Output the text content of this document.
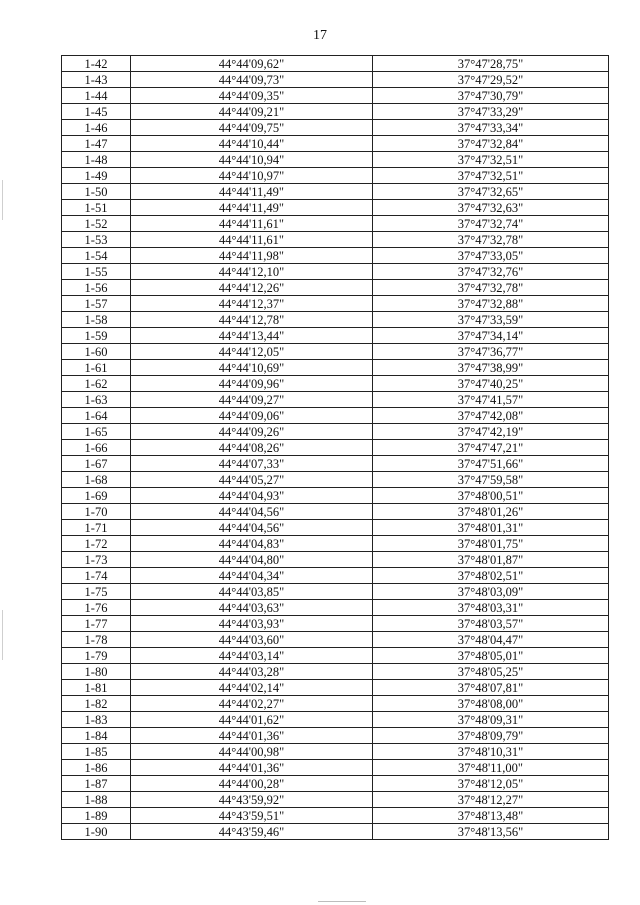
17
1-42	44°44'09,62"	37°47'28,75"
1-43	44°44'09,73"	37°47'29,52"
1-44	44°44'09,35"	37°47'30,79"
1-45	44°44'09,21"	37°47'33,29"
1-46	44°44'09,75"	37°47'33,34"
1-47	44°44'10,44"	37°47'32,84"
1-48	44°44'10,94"	37°47'32,51"
1-49	44°44'10,97"	37°47'32,51"
1-50	44°44'11,49"	37°47'32,65"
1-51	44°44'11,49"	37°47'32,63"
1-52	44°44'11,61"	37°47'32,74"
1-53	44°44'11,61"	37°47'32,78"
1-54	44°44'11,98"	37°47'33,05"
1-55	44°44'12,10"	37°47'32,76"
1-56	44°44'12,26"	37°47'32,78"
1-57	44°44'12,37"	37°47'32,88"
1-58	44°44'12,78"	37°47'33,59"
1-59	44°44'13,44"	37°47'34,14"
1-60	44°44'12,05"	37°47'36,77"
1-61	44°44'10,69"	37°47'38,99"
1-62	44°44'09,96"	37°47'40,25"
1-63	44°44'09,27"	37°47'41,57"
1-64	44°44'09,06"	37°47'42,08"
1-65	44°44'09,26"	37°47'42,19"
1-66	44°44'08,26"	37°47'47,21"
1-67	44°44'07,33"	37°47'51,66"
1-68	44°44'05,27"	37°47'59,58"
1-69	44°44'04,93"	37°48'00,51"
1-70	44°44'04,56"	37°48'01,26"
1-71	44°44'04,56"	37°48'01,31"
1-72	44°44'04,83"	37°48'01,75"
1-73	44°44'04,80"	37°48'01,87"
1-74	44°44'04,34"	37°48'02,51"
1-75	44°44'03,85"	37°48'03,09"
1-76	44°44'03,63"	37°48'03,31"
1-77	44°44'03,93"	37°48'03,57"
1-78	44°44'03,60"	37°48'04,47"
1-79	44°44'03,14"	37°48'05,01"
1-80	44°44'03,28"	37°48'05,25"
1-81	44°44'02,14"	37°48'07,81"
1-82	44°44'02,27"	37°48'08,00"
1-83	44°44'01,62"	37°48'09,31"
1-84	44°44'01,36"	37°48'09,79"
1-85	44°44'00,98"	37°48'10,31"
1-86	44°44'01,36"	37°48'11,00"
1-87	44°44'00,28"	37°48'12,05"
1-88	44°43'59,92"	37°48'12,27"
1-89	44°43'59,51"	37°48'13,48"
1-90	44°43'59,46"	37°48'13,56"
